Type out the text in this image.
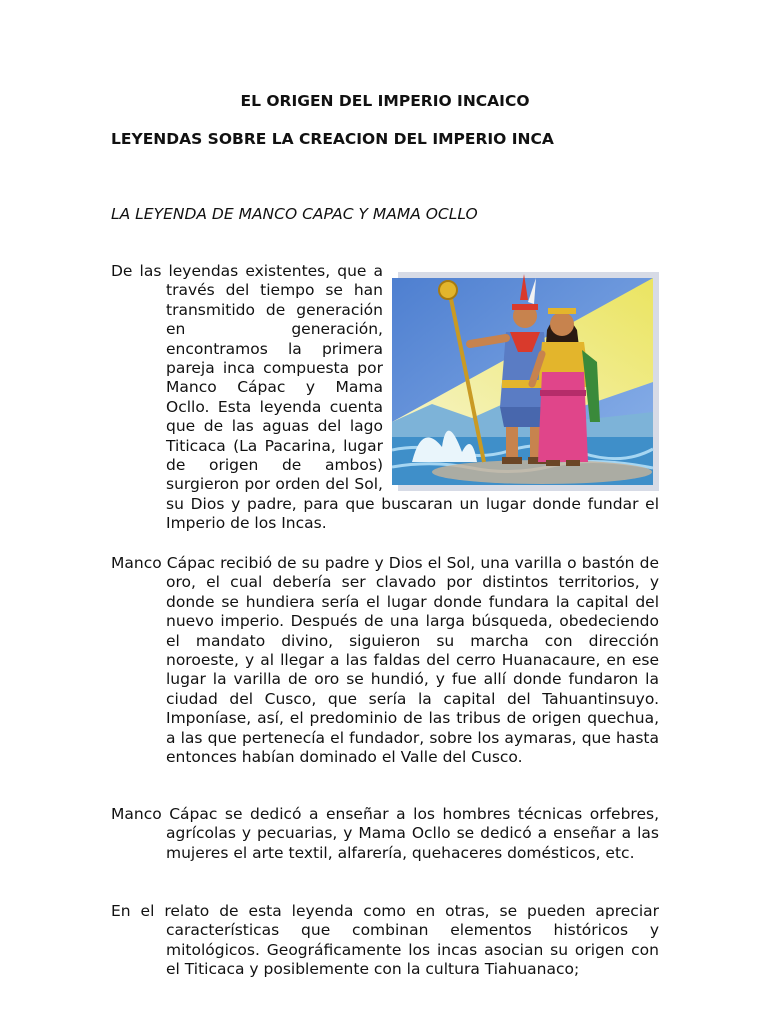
EL ORIGEN DEL IMPERIO INCAICO
LEYENDAS SOBRE LA CREACION DEL IMPERIO INCA
LA LEYENDA DE MANCO CAPAC Y MAMA OCLLO

De las leyendas existentes, que a través del tiempo se han transmitido de generación en generación, encontramos la primera pareja inca compuesta por Manco Cápac y Mama Ocllo. Esta leyenda cuenta que de las aguas del lago Titicaca (La Pacarina, lugar de origen de ambos) surgieron por orden del Sol, su Dios y padre, para que buscaran un lugar donde fundar el Imperio de los Incas.

Manco Cápac recibió de su padre y Dios el Sol, una varilla o bastón de oro, el cual debería ser clavado por distintos territorios, y donde se hundiera sería el lugar donde fundara la capital del nuevo imperio. Después de una larga búsqueda, obedeciendo el mandato divino, siguieron su marcha con dirección noroeste, y al llegar a las faldas del cerro Huanacaure, en ese lugar la varilla de oro se hundió, y fue allí donde fundaron la ciudad del Cusco, que sería la capital del Tahuantinsuyo. Imponíase, así, el predominio de las tribus de origen quechua, a las que pertenecía el fundador, sobre los aymaras, que hasta entonces habían dominado el Valle del Cusco.

Manco Cápac se dedicó a enseñar a los hombres técnicas orfebres, agrícolas y pecuarias, y Mama Ocllo se dedicó a enseñar a las mujeres el arte textil, alfarería, quehaceres domésticos, etc.

En el relato de esta leyenda como en otras, se pueden apreciar características que combinan elementos históricos y mitológicos. Geográficamente los incas asocian su origen con el Titicaca y posiblemente con la cultura Tiahuanaco;
